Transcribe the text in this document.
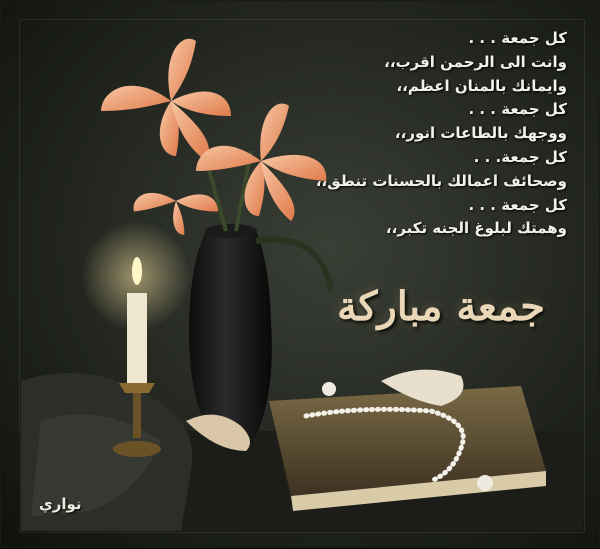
كل جمعة . . .
وانت الى الرحمن اقرب،،
وايمانك بالمنان اعظم،،
كل جمعة . . .
ووجهك بالطاعات انور،،
كل جمعة. . .
وصحائف اعمالك بالحسنات تنطق،،
كل جمعة . . .
وهمتك لبلوغ الجنه تكبر،،
جمعة مباركة
نواري
